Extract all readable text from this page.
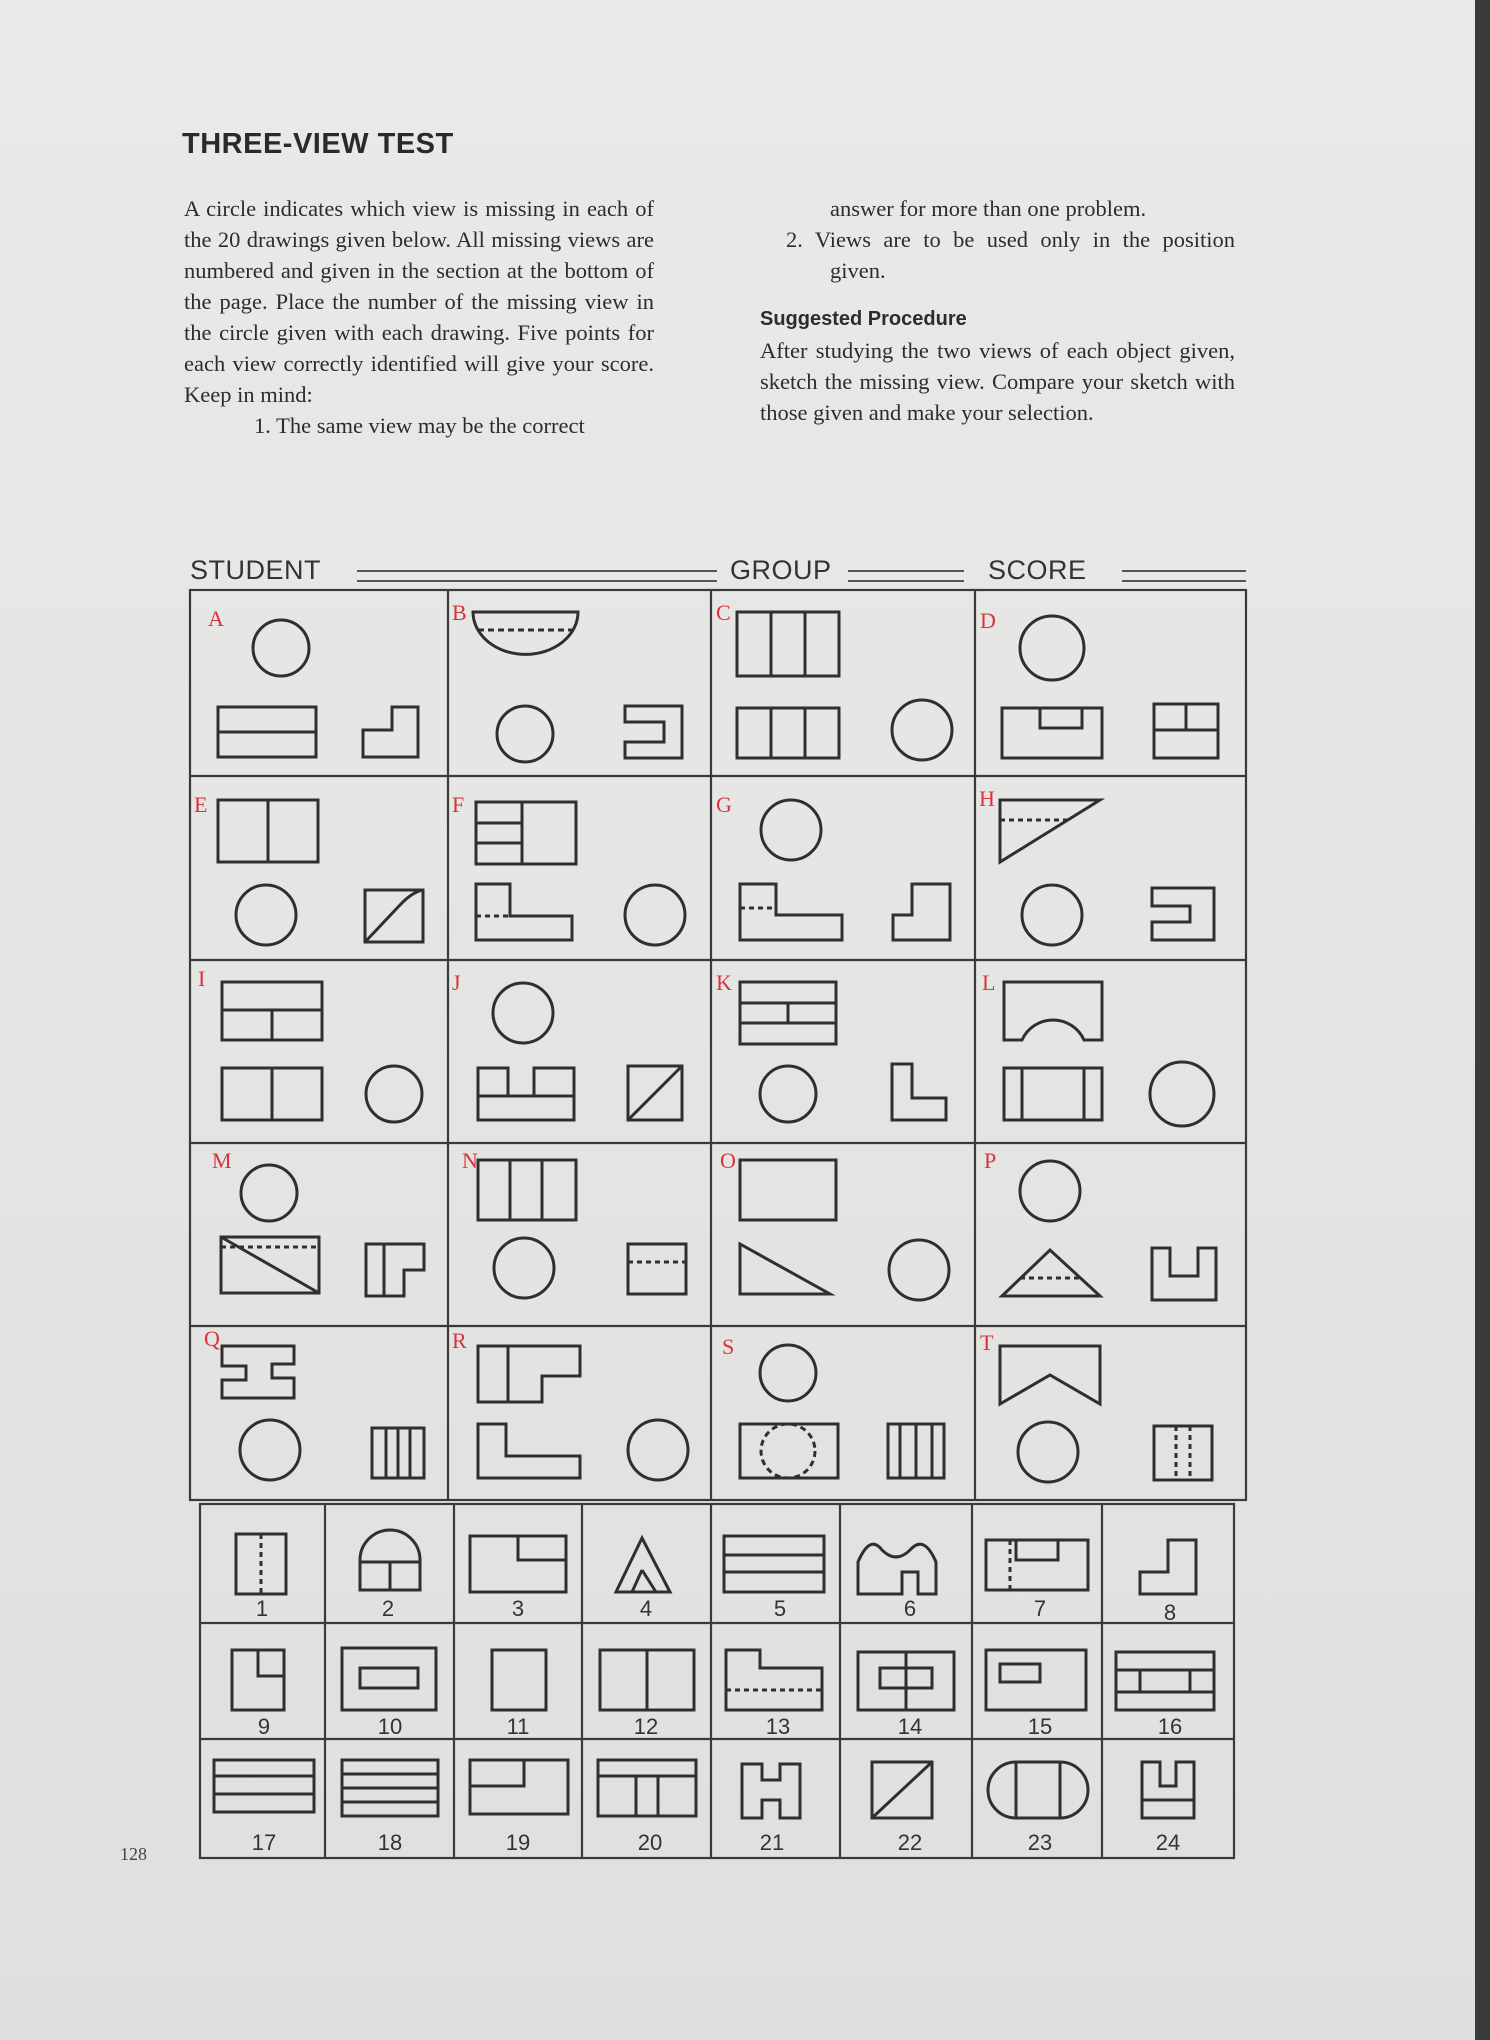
THREE-VIEW TEST

A circle indicates which view is missing in each of the 20 drawings given below. All missing views are numbered and given in the section at the bottom of the page. Place the number of the missing view in the circle given with each drawing. Five points for each view correctly identified will give your score. Keep in mind:

1. The same view may be the correct

answer for more than one problem.

2. Views are to be used only in the position given.

Suggested Procedure

After studying the two views of each object given, sketch the missing view. Compare your sketch with those given and make your selection.

STUDENT	GROUP	SCORE
128
A	B	C	D
E	F	G	H
I	J	K	L
M	N	O	P
Q	R	S	T
1	2	3	4	5	6	7	8
9	10	11	12	13	14	15	16
17	18	19	20	21	22	23	24
